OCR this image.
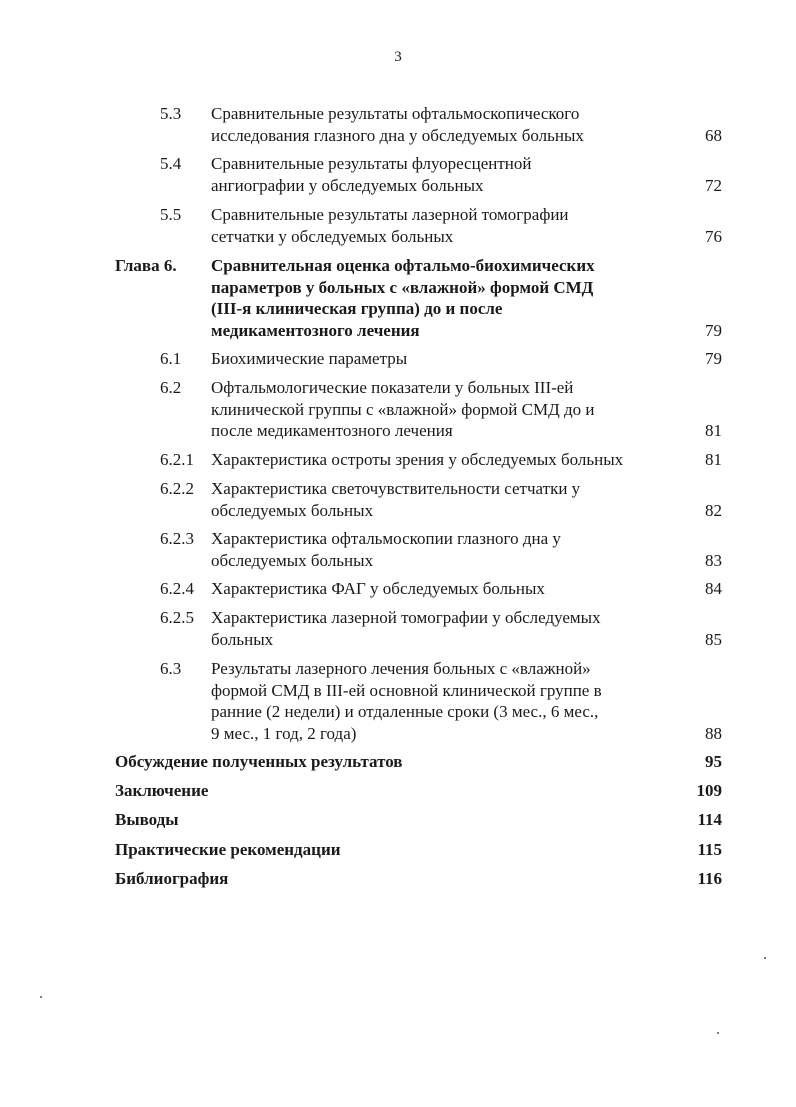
3
5.3	Сравнительные результаты офтальмоскопического
исследования глазного дна у обследуемых больных	68
5.4	Сравнительные результаты флуоресцентной
ангиографии у обследуемых больных	72
5.5	Сравнительные результаты лазерной томографии
сетчатки у обследуемых больных	76
Глава 6. Сравнительная оценка офтальмо-биохимических
параметров у больных с «влажной» формой СМД
(III-я клиническая группа) до и после
медикаментозного лечения	79
6.1	Биохимические параметры	79
6.2	Офтальмологические показатели у больных III-ей
клинической группы с «влажной» формой СМД до и
после медикаментозного лечения	81
6.2.1	Характеристика остроты зрения у обследуемых больных	81
6.2.2	Характеристика светочувствительности сетчатки у
обследуемых больных	82
6.2.3	Характеристика офтальмоскопии глазного дна у
обследуемых больных	83
6.2.4	Характеристика ФАГ у обследуемых больных	84
6.2.5	Характеристика лазерной томографии у обследуемых
больных	85
6.3	Результаты лазерного лечения больных с «влажной»
формой СМД в III-ей основной клинической группе в
ранние (2 недели) и отдаленные сроки (3 мес., 6 мес.,
9 мес., 1 год, 2 года)	88
Обсуждение полученных результатов	95
Заключение	109
Выводы	114
Практические рекомендации	115
Библиография	116
